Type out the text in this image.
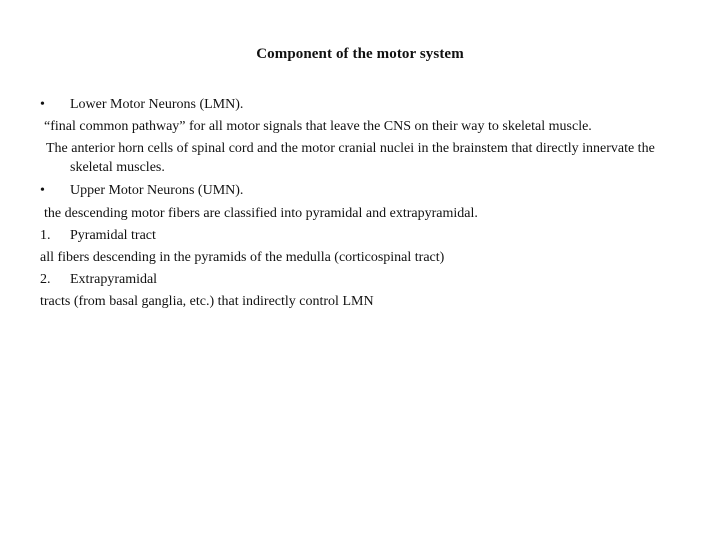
Component of the motor system
• Lower Motor Neurons (LMN).
“final common pathway” for all motor signals that leave the CNS on their way to skeletal muscle.
The anterior horn cells of spinal cord and the motor cranial nuclei in the brainstem that directly innervate the skeletal muscles.
• Upper Motor Neurons (UMN).
the descending motor fibers are classified into pyramidal and extrapyramidal.
1. Pyramidal tract
all fibers descending in the pyramids of the medulla (corticospinal tract)
2. Extrapyramidal
tracts (from basal ganglia, etc.) that indirectly control LMN
